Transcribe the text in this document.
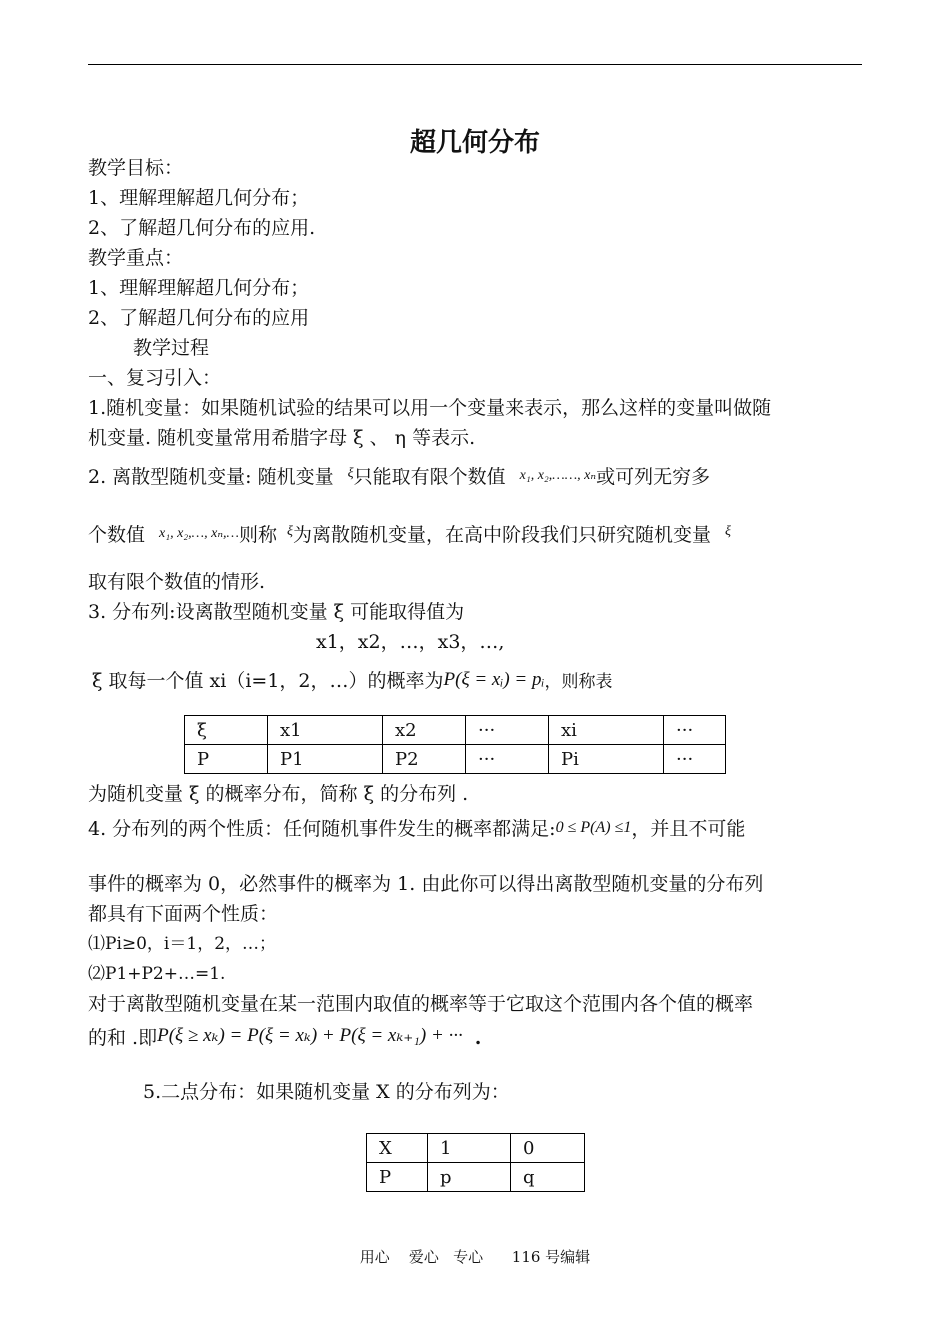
超几何分布
教学目标：
1、理解理解超几何分布；
2、了解超几何分布的应用.
教学重点：
1、理解理解超几何分布；
2、了解超几何分布的应用
教学过程
一、复习引入：
1.随机变量：如果随机试验的结果可以用一个变量来表示，那么这样的变量叫做随
机变量. 随机变量常用希腊字母 ξ 、 η 等表示.
2. 离散型随机变量: 随机变量 $^\xi$只能取有限个数值 $^{x_1, x_2,\dots\dots, x_n}$或可列无穷多
个数值 $^{x_1, x_2,\dots, x_n,\dots}$则称 $^\xi$为离散随机变量，在高中阶段我们只研究随机变量 $^\xi$
取有限个数值的情形.
3. 分布列:设离散型随机变量 ξ 可能取得值为
x1，x2，…，x3，…,
ξ 取每一个值 xi（i=1，2，…）的概率为P(ξ = xᵢ) = pᵢ，则称表
ξ	x1	x2	···	xi	···
P	P1	P2	···	Pi	···
为随机变量 ξ 的概率分布，简称 ξ 的分布列 .
4. 分布列的两个性质：任何随机事件发生的概率都满足:0 ≤ P(A) ≤1，并且不可能
事件的概率为 0，必然事件的概率为 1. 由此你可以得出离散型随机变量的分布列
都具有下面两个性质：
⑴Pi≥0，i＝1，2，…；
⑵P1+P2+…=1.
对于离散型随机变量在某一范围内取值的概率等于它取这个范围内各个值的概率
的和 .即P(ξ ≥ xₖ) = P(ξ = xₖ) + P(ξ = xₖ₊₁) + ··· .
5.二点分布：如果随机变量 X 的分布列为：
X	1	0
P	p	q
用心    爱心   专心      116 号编辑
